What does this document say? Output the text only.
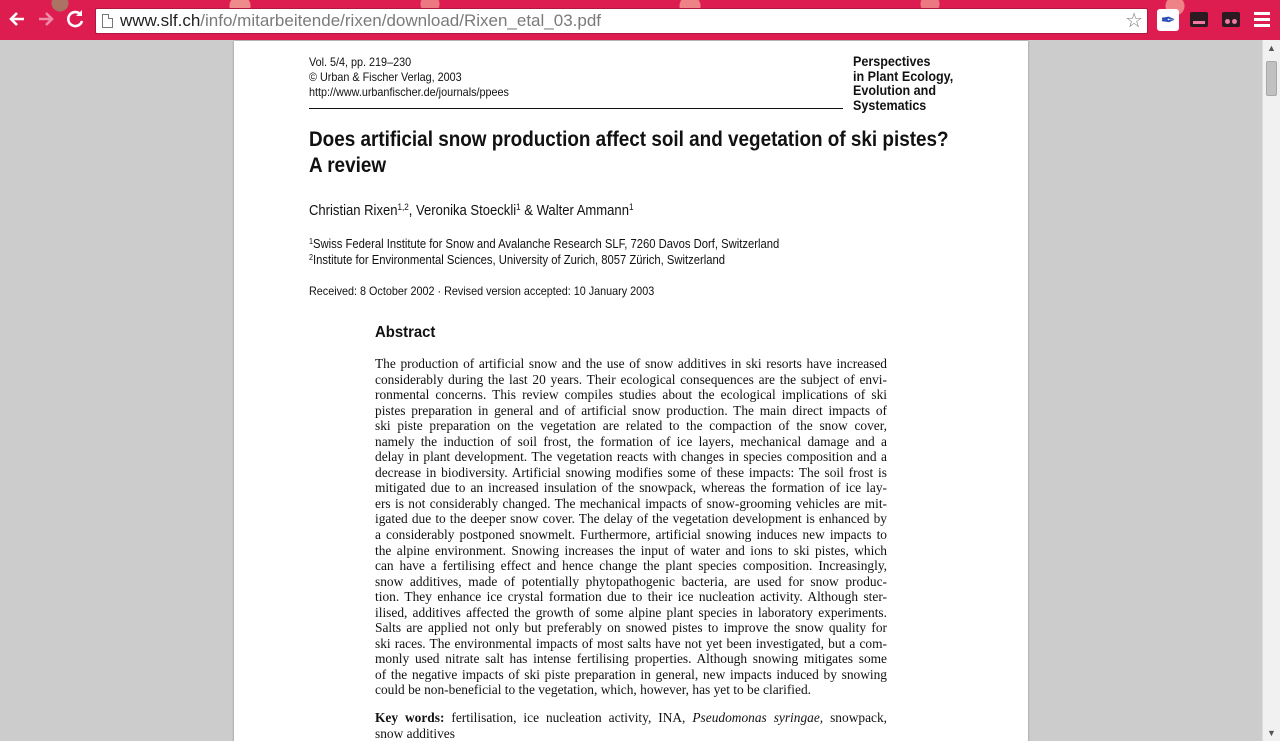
www.slf.ch/info/mitarbeitende/rixen/download/Rixen_etal_03.pdf	☆ ✒
Vol. 5/4, pp. 219–230
© Urban & Fischer Verlag, 2003
http://www.urbanfischer.de/journals/ppees
Perspectives
in Plant Ecology,
Evolution and
Systematics
Does artificial snow production affect soil and vegetation of ski pistes?
A review
Christian Rixen$^{1,2}$, Veronika Stoeckli$^1$ & Walter Ammann$^1$
$^1$Swiss Federal Institute for Snow and Avalanche Research SLF, 7260 Davos Dorf, Switzerland
$^2$Institute for Environmental Sciences, University of Zurich, 8057 Zürich, Switzerland
Received: 8 October 2002 · Revised version accepted: 10 January 2003
Abstract
The production of artificial snow and the use of snow additives in ski resorts have increased
considerably during the last 20 years. Their ecological consequences are the subject of envi-
ronmental concerns. This review compiles studies about the ecological implications of ski
pistes preparation in general and of artificial snow production. The main direct impacts of
ski piste preparation on the vegetation are related to the compaction of the snow cover,
namely the induction of soil frost, the formation of ice layers, mechanical damage and a
delay in plant development. The vegetation reacts with changes in species composition and a
decrease in biodiversity. Artificial snowing modifies some of these impacts: The soil frost is
mitigated due to an increased insulation of the snowpack, whereas the formation of ice lay-
ers is not considerably changed. The mechanical impacts of snow-grooming vehicles are mit-
igated due to the deeper snow cover. The delay of the vegetation development is enhanced by
a considerably postponed snowmelt. Furthermore, artificial snowing induces new impacts to
the alpine environment. Snowing increases the input of water and ions to ski pistes, which
can have a fertilising effect and hence change the plant species composition. Increasingly,
snow additives, made of potentially phytopathogenic bacteria, are used for snow produc-
tion. They enhance ice crystal formation due to their ice nucleation activity. Although ster-
ilised, additives affected the growth of some alpine plant species in laboratory experiments.
Salts are applied not only but preferably on snowed pistes to improve the snow quality for
ski races. The environmental impacts of most salts have not yet been investigated, but a com-
monly used nitrate salt has intense fertilising properties. Although snowing mitigates some
of the negative impacts of ski piste preparation in general, new impacts induced by snowing
could be non-beneficial to the vegetation, which, however, has yet to be clarified.
Key words: fertilisation, ice nucleation activity, INA, Pseudomonas syringae, snowpack,
snow additives
▲
▼
